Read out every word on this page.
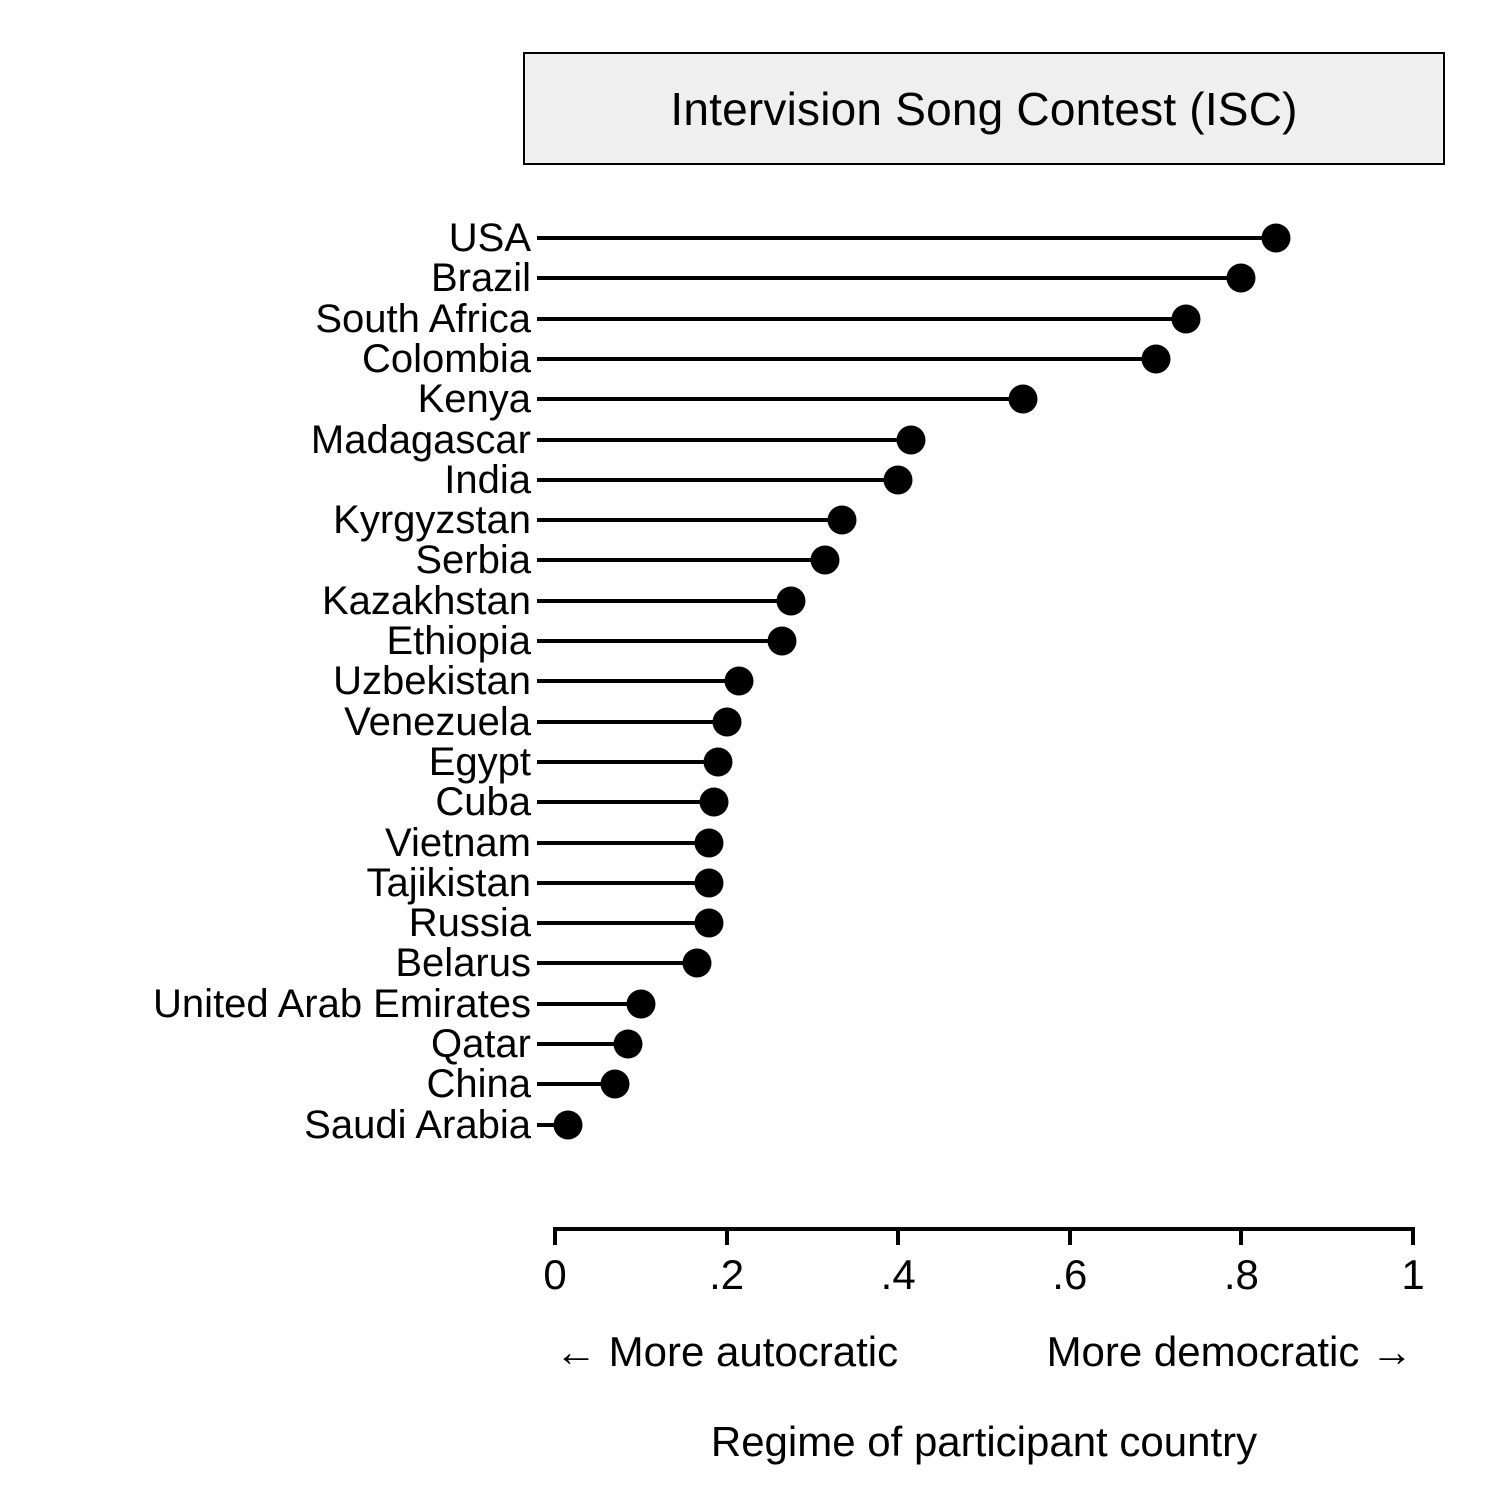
Intervision Song Contest (ISC)
USA
Brazil
South Africa
Colombia
Kenya
Madagascar
India
Kyrgyzstan
Serbia
Kazakhstan
Ethiopia
Uzbekistan
Venezuela
Egypt
Cuba
Vietnam
Tajikistan
Russia
Belarus
United Arab Emirates
Qatar
China
Saudi Arabia
0	.2	.4	.6	.8	1
← More autocratic	More democratic →
Regime of participant country
